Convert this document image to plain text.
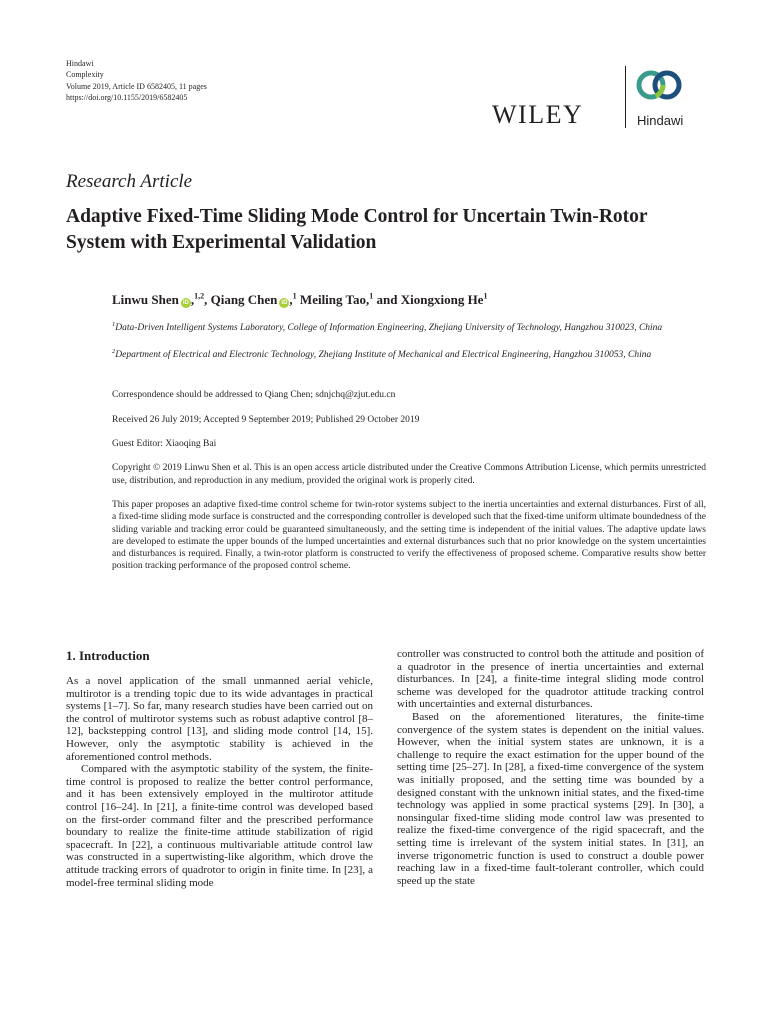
Hindawi
Complexity
Volume 2019, Article ID 6582405, 11 pages
https://doi.org/10.1155/2019/6582405
WILEY	Hindawi
Research Article
Adaptive Fixed-Time Sliding Mode Control for Uncertain Twin-Rotor System with Experimental Validation
Linwu Shen iD ,$^{1,2}$, Qiang Chen iD ,$^1$ Meiling Tao,$^1$ and Xiongxiong He$^1$
$^1$Data-Driven Intelligent Systems Laboratory, College of Information Engineering, Zhejiang University of Technology, Hangzhou 310023, China
$^2$Department of Electrical and Electronic Technology, Zhejiang Institute of Mechanical and Electrical Engineering, Hangzhou 310053, China
Correspondence should be addressed to Qiang Chen; sdnjchq@zjut.edu.cn
Received 26 July 2019; Accepted 9 September 2019; Published 29 October 2019
Guest Editor: Xiaoqing Bai
Copyright © 2019 Linwu Shen et al. This is an open access article distributed under the Creative Commons Attribution License, which permits unrestricted use, distribution, and reproduction in any medium, provided the original work is properly cited.
This paper proposes an adaptive fixed-time control scheme for twin-rotor systems subject to the inertia uncertainties and external disturbances. First of all, a fixed-time sliding mode surface is constructed and the corresponding controller is developed such that the fixed-time uniform ultimate boundedness of the sliding variable and tracking error could be guaranteed simultaneously, and the setting time is independent of the initial values. The adaptive update laws are developed to estimate the upper bounds of the lumped uncertainties and external disturbances such that no prior knowledge on the system uncertainties and disturbances is required. Finally, a twin-rotor platform is constructed to verify the effectiveness of proposed scheme. Comparative results show better position tracking performance of the proposed control scheme.
1. Introduction

As a novel application of the small unmanned aerial vehicle, multirotor is a trending topic due to its wide advantages in practical systems [1–7]. So far, many research studies have been carried out on the control of multirotor systems such as robust adaptive control [8–12], backstepping control [13], and sliding mode control [14, 15]. However, only the asymptotic stability is achieved in the aforementioned control methods.

Compared with the asymptotic stability of the system, the finite-time control is proposed to realize the better control performance, and it has been extensively employed in the multirotor attitude control [16–24]. In [21], a finite-time control was developed based on the first-order command filter and the prescribed performance boundary to realize the finite-time attitude stabilization of rigid spacecraft. In [22], a continuous multivariable attitude control law was constructed in a supertwisting-like algorithm, which drove the attitude tracking errors of quadrotor to origin in finite time. In [23], a model-free terminal sliding mode

controller was constructed to control both the attitude and position of a quadrotor in the presence of inertia uncertainties and external disturbances. In [24], a finite-time integral sliding mode control scheme was developed for the quadrotor attitude tracking control with uncertainties and external disturbances.

Based on the aforementioned literatures, the finite-time convergence of the system states is dependent on the initial values. However, when the initial system states are unknown, it is a challenge to require the exact estimation for the upper bound of the setting time [25–27]. In [28], a fixed-time convergence of the system was initially proposed, and the setting time was bounded by a designed constant with the unknown initial states, and the fixed-time technology was applied in some practical systems [29]. In [30], a nonsingular fixed-time sliding mode control law was presented to realize the fixed-time convergence of the rigid spacecraft, and the setting time is irrelevant of the system initial states. In [31], an inverse trigonometric function is used to construct a double power reaching law in a fixed-time fault-tolerant controller, which could speed up the state
